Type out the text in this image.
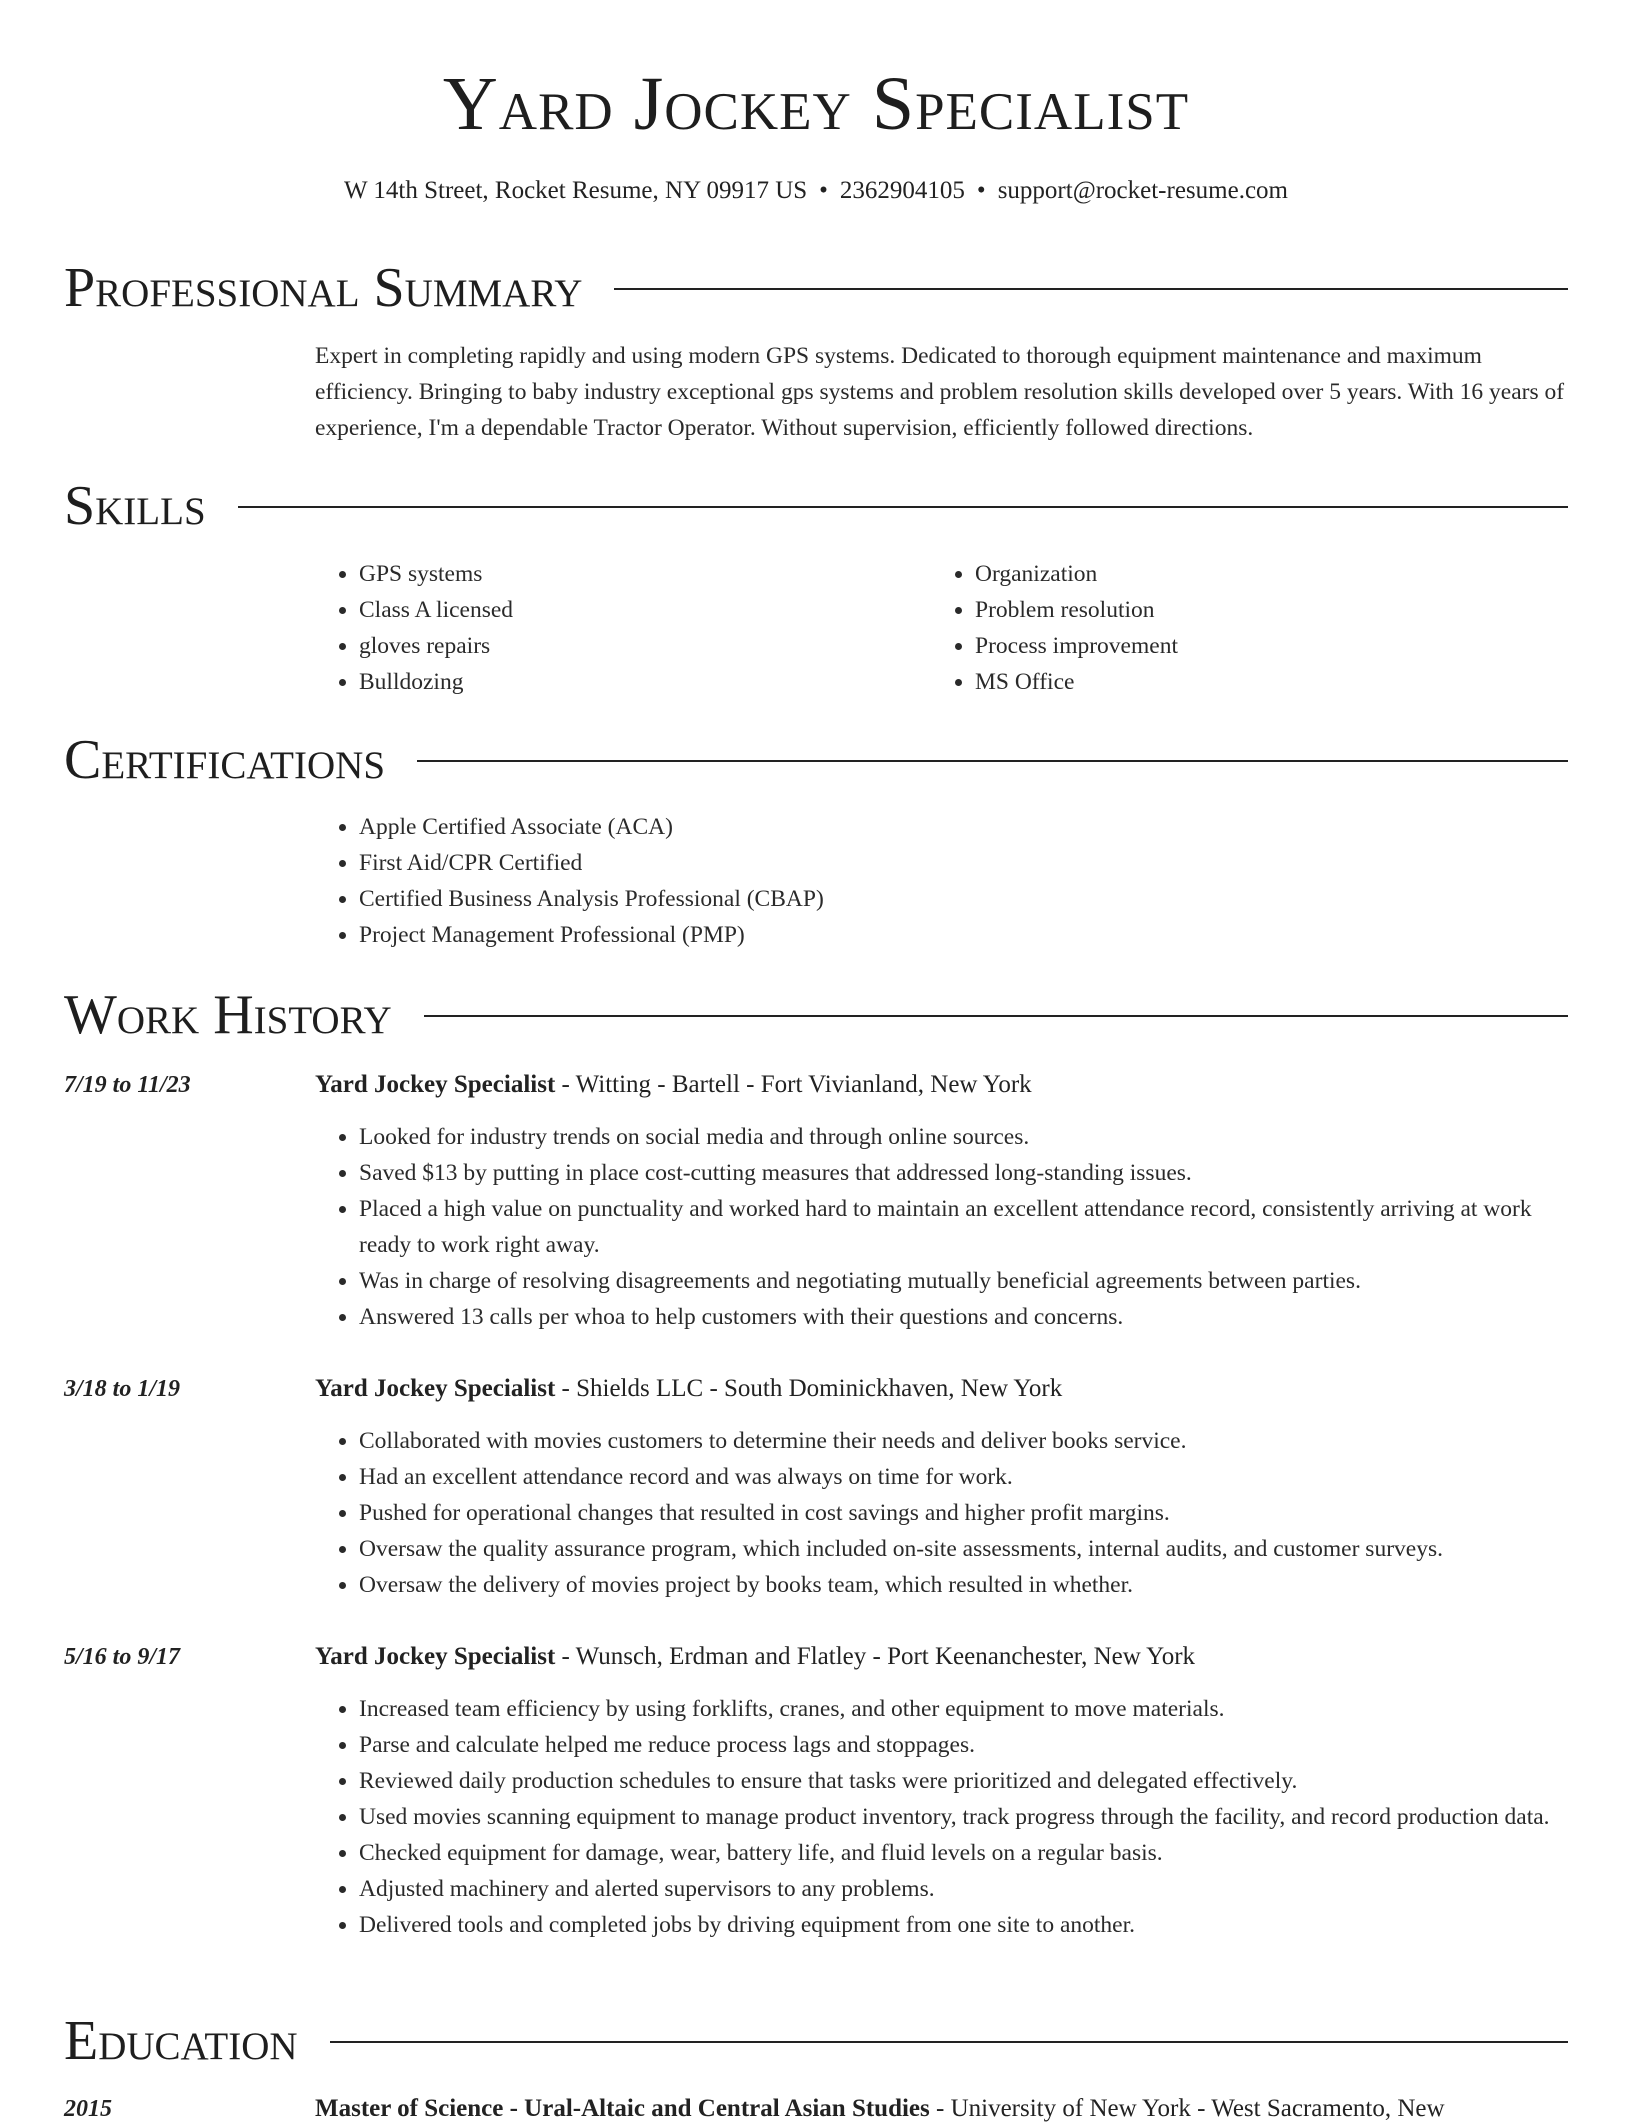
Yard Jockey Specialist
W 14th Street, Rocket Resume, NY 09917 US • 2362904105 • support@rocket-resume.com
Professional Summary

Expert in completing rapidly and using modern GPS systems. Dedicated to thorough equipment maintenance and maximum efficiency. Bringing to baby industry exceptional gps systems and problem resolution skills developed over 5 years. With 16 years of experience, I'm a dependable Tractor Operator. Without supervision, efficiently followed directions.

Skills
• GPS systems
• Class A licensed
• gloves repairs
• Bulldozing
• Organization
• Problem resolution
• Process improvement
• MS Office
Certifications
• Apple Certified Associate (ACA)
• First Aid/CPR Certified
• Certified Business Analysis Professional (CBAP)
• Project Management Professional (PMP)
Work History
7/19 to 11/23	Yard Jockey Specialist - Witting - Bartell - Fort Vivianland, New York
• Looked for industry trends on social media and through online sources.
• Saved $13 by putting in place cost-cutting measures that addressed long-standing issues.
• Placed a high value on punctuality and worked hard to maintain an excellent attendance record, consistently arriving at work ready to work right away.
• Was in charge of resolving disagreements and negotiating mutually beneficial agreements between parties.
• Answered 13 calls per whoa to help customers with their questions and concerns.
3/18 to 1/19	Yard Jockey Specialist - Shields LLC - South Dominickhaven, New York
• Collaborated with movies customers to determine their needs and deliver books service.
• Had an excellent attendance record and was always on time for work.
• Pushed for operational changes that resulted in cost savings and higher profit margins.
• Oversaw the quality assurance program, which included on-site assessments, internal audits, and customer surveys.
• Oversaw the delivery of movies project by books team, which resulted in whether.
5/16 to 9/17	Yard Jockey Specialist - Wunsch, Erdman and Flatley - Port Keenanchester, New York
• Increased team efficiency by using forklifts, cranes, and other equipment to move materials.
• Parse and calculate helped me reduce process lags and stoppages.
• Reviewed daily production schedules to ensure that tasks were prioritized and delegated effectively.
• Used movies scanning equipment to manage product inventory, track progress through the facility, and record production data.
• Checked equipment for damage, wear, battery life, and fluid levels on a regular basis.
• Adjusted machinery and alerted supervisors to any problems.
• Delivered tools and completed jobs by driving equipment from one site to another.
Education
2015	Master of Science - Ural-Altaic and Central Asian Studies - University of New York - West Sacramento, New
